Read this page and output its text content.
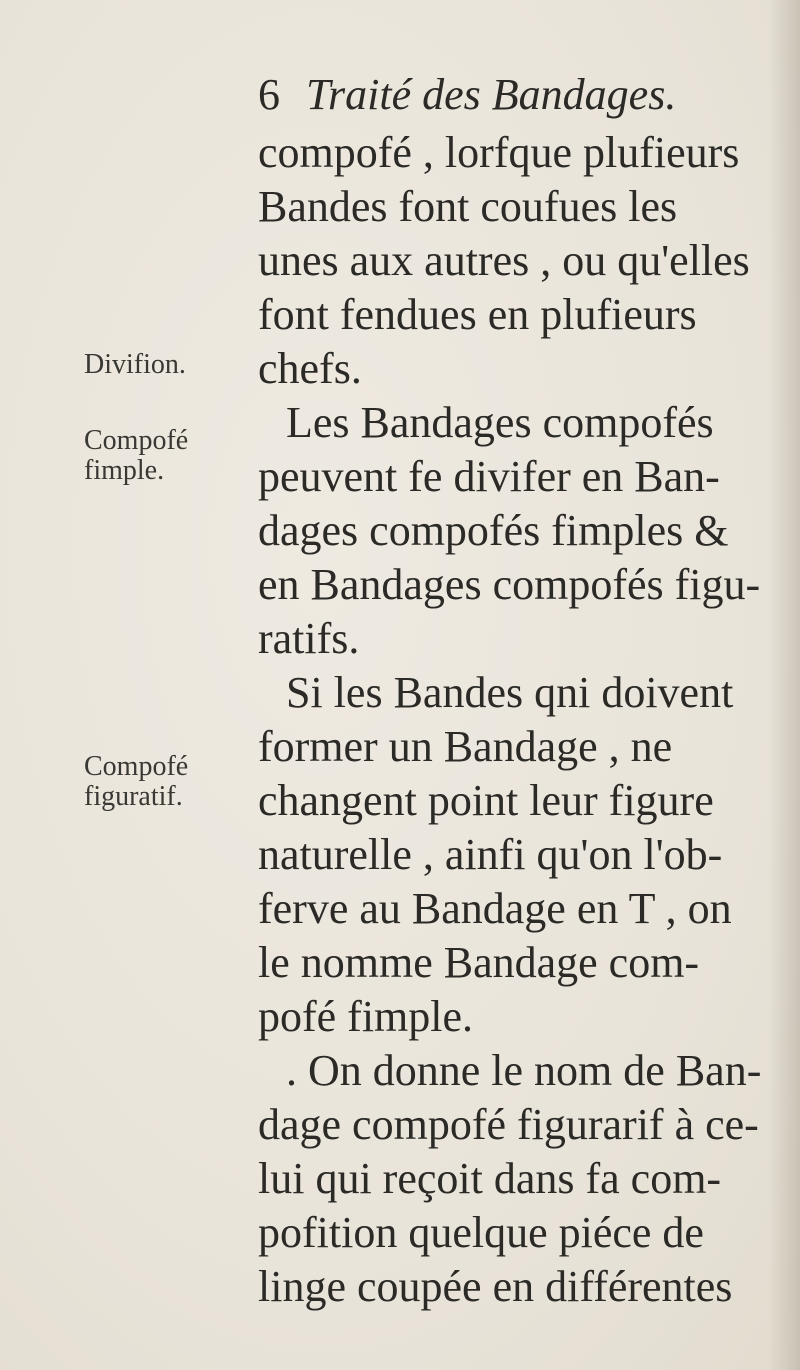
6 Traité des Bandages.
Divifion.
Compofé
fimple.
Compofé
figuratif.
compofé , lorfque plufieurs
Bandes font coufues les
unes aux autres , ou qu'elles
font fendues en plufieurs
chefs.
Les Bandages compofés
peuvent fe divifer en Ban-
dages compofés fimples &
en Bandages compofés figu-
ratifs.
Si les Bandes qni doivent
former un Bandage , ne
changent point leur figure
naturelle , ainfi qu'on l'ob-
ferve au Bandage en T , on
le nomme Bandage com-
pofé fimple.
. On donne le nom de Ban-
dage compofé figurarif à ce-
lui qui reçoit dans fa com-
pofition quelque piéce de
linge coupée en différentes
